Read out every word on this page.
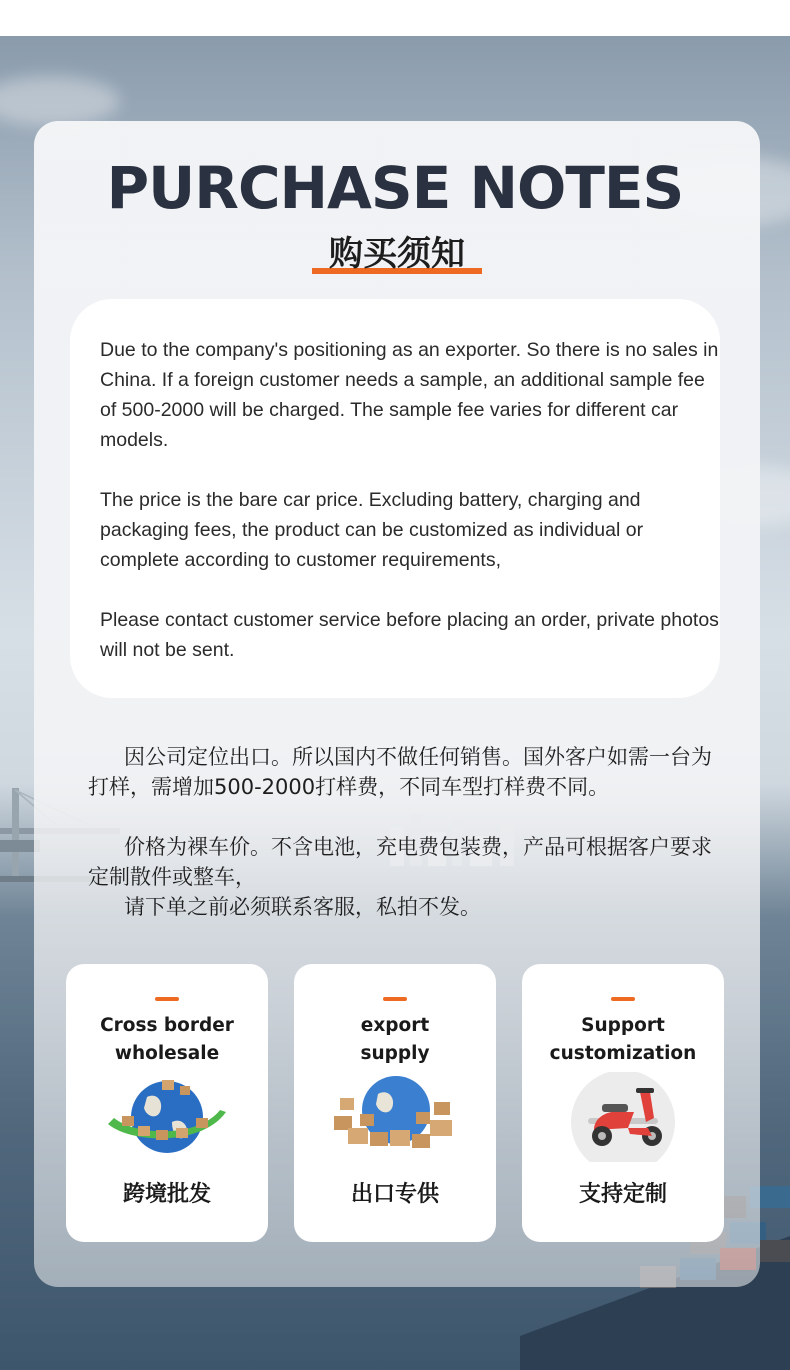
PURCHASE NOTES
购买须知
Due to the company's positioning as an exporter. So there is no sales in China. If a foreign customer needs a sample, an additional sample fee of 500-2000 will be charged. The sample fee varies for different car models.
The price is the bare car price. Excluding battery, charging and packaging fees, the product can be customized as individual or complete according to customer requirements,
Please contact customer service before placing an order, private photos will not be sent.
因公司定位出口。所以国内不做任何销售。国外客户如需一台为打样，需增加500-2000打样费，不同车型打样费不同。
价格为裸车价。不含电池，充电费包装费，产品可根据客户要求定制散件或整车，
请下单之前必须联系客服，私拍不发。
Cross border
wholesale
跨境批发
export
supply
出口专供
Support
customization
支持定制
